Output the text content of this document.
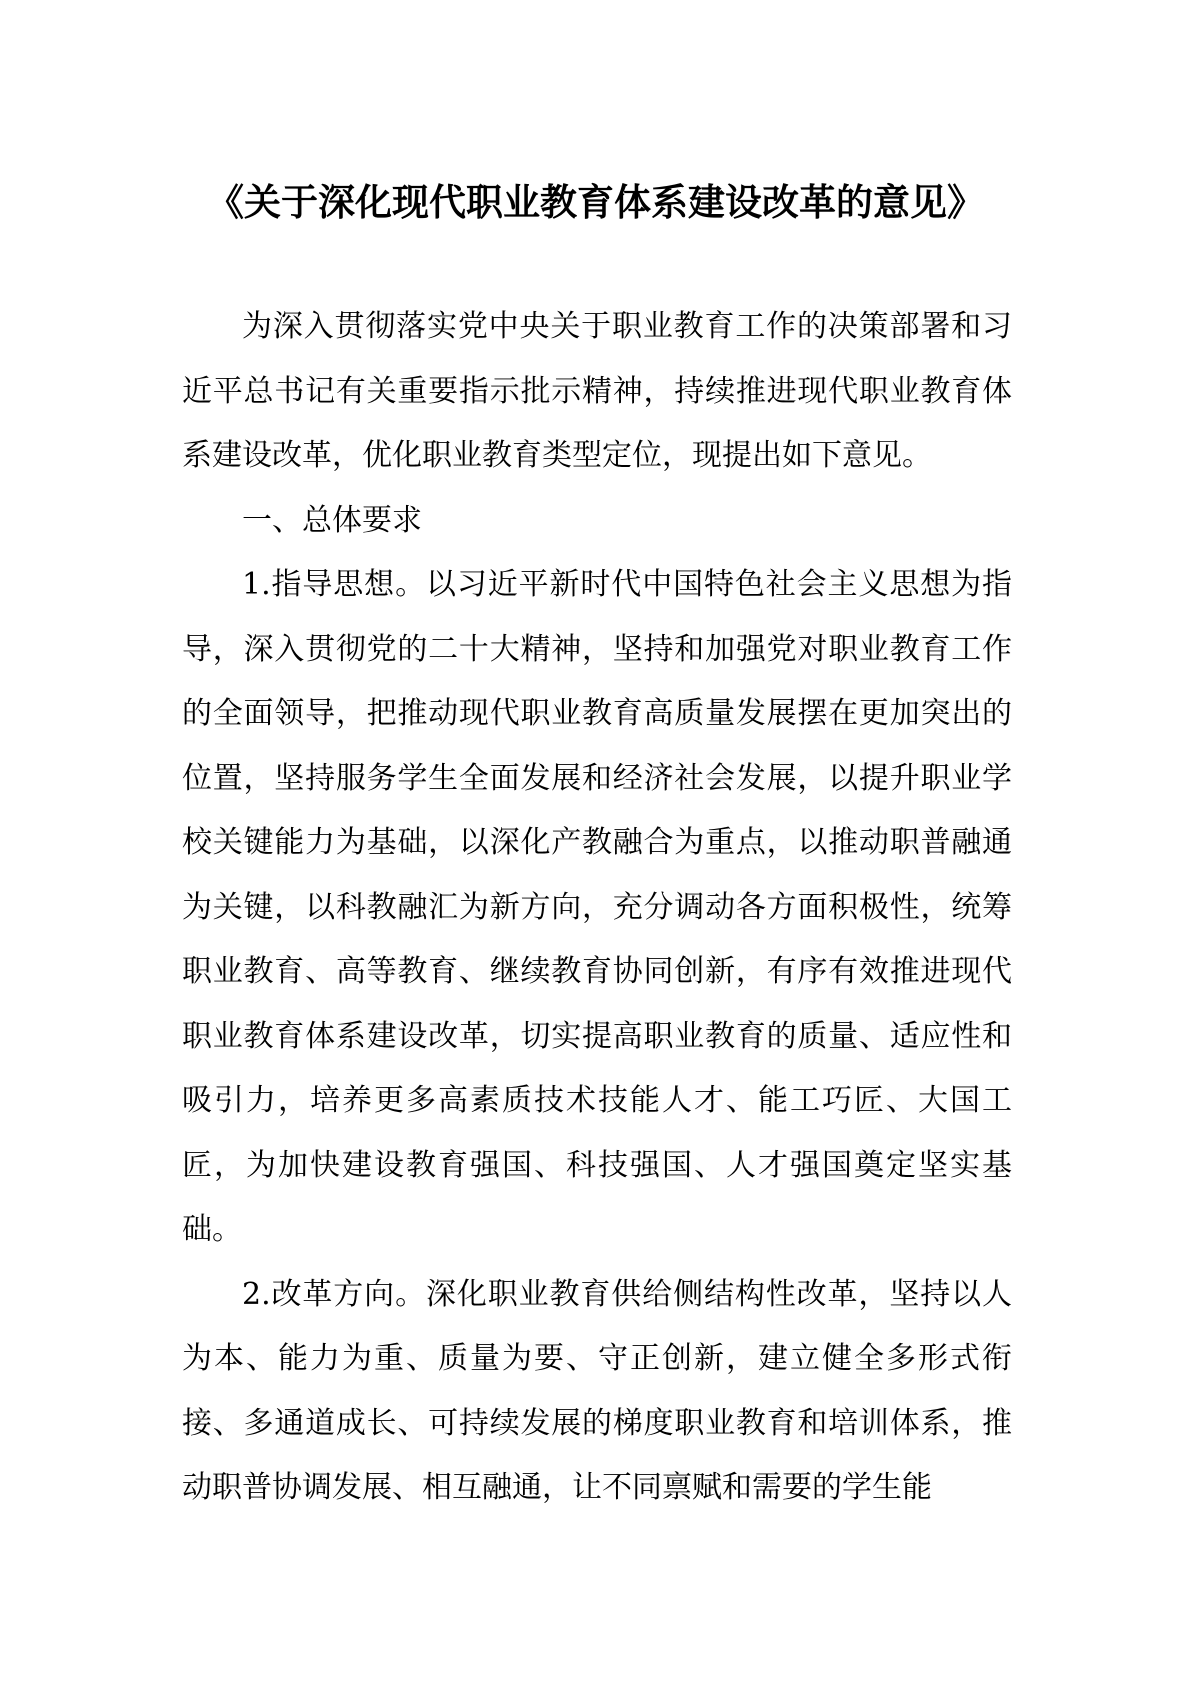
《关于深化现代职业教育体系建设改革的意见》

为深入贯彻落实党中央关于职业教育工作的决策部署和习近平总书记有关重要指示批示精神，持续推进现代职业教育体系建设改革，优化职业教育类型定位，现提出如下意见。

一、总体要求

1.指导思想。以习近平新时代中国特色社会主义思想为指导，深入贯彻党的二十大精神，坚持和加强党对职业教育工作的全面领导，把推动现代职业教育高质量发展摆在更加突出的位置，坚持服务学生全面发展和经济社会发展，以提升职业学校关键能力为基础，以深化产教融合为重点，以推动职普融通为关键，以科教融汇为新方向，充分调动各方面积极性，统筹职业教育、高等教育、继续教育协同创新，有序有效推进现代职业教育体系建设改革，切实提高职业教育的质量、适应性和吸引力，培养更多高素质技术技能人才、能工巧匠、大国工匠，为加快建设教育强国、科技强国、人才强国奠定坚实基础。

2.改革方向。深化职业教育供给侧结构性改革，坚持以人为本、能力为重、质量为要、守正创新，建立健全多形式衔接、多通道成长、可持续发展的梯度职业教育和培训体系，推动职普协调发展、相互融通，让不同禀赋和需要的学生能
